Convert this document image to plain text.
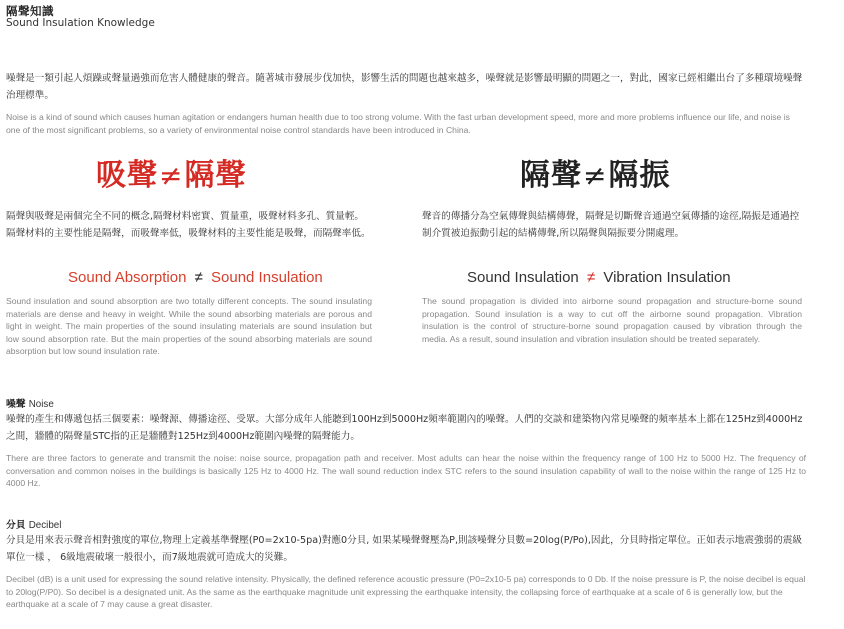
隔聲知識
Sound Insulation Knowledge
噪聲是一類引起人煩躁或聲量過強而危害人體健康的聲音。隨著城市發展步伐加快，影響生活的問題也越來越多，噪聲就是影響最明顯的問題之一，對此，國家已經相繼出台了多種環境噪聲治理標準。
Noise is a kind of sound which causes human agitation or endangers human health due to too strong volume. With the fast urban development speed, more and more problems influence our life, and noise is one of the most significant problems, so a variety of environmental noise control standards have been introduced in China.
吸聲≠隔聲
隔聲與吸聲是兩個完全不同的概念,隔聲材料密實、質量重，吸聲材料多孔、質量輕。隔聲材料的主要性能是隔聲，而吸聲率低，吸聲材料的主要性能是吸聲，而隔聲率低。
Sound Absorption ≠ Sound Insulation
Sound insulation and sound absorption are two totally different concepts. The sound insulating materials are dense and heavy in weight. While the sound absorbing materials are porous and light in weight. The main properties of the sound insulating materials are sound insulation but low sound absorption rate. But the main properties of the sound absorbing materials are sound absorption but low sound insulation rate.
隔聲≠隔振
聲音的傳播分為空氣傳聲與結構傳聲，隔聲是切斷聲音通過空氣傳播的途徑,隔振是通過控制介質被迫振動引起的結構傳聲,所以隔聲與隔振要分開處理。
Sound Insulation ≠ Vibration Insulation
The sound propagation is divided into airborne sound propagation and structure-borne sound propagation. Sound insulation is a way to cut off the airborne sound propagation. Vibration insulation is the control of structure-borne sound propagation caused by vibration through the media. As a result, sound insulation and vibration insulation should be treated separately.
噪聲 Noise
噪聲的產生和傳遞包括三個要素：噪聲源、傳播途徑、受眾。大部分成年人能聽到100Hz到5000Hz頻率範圍內的噪聲。人們的交談和建築物內常見噪聲的頻率基本上都在125Hz到4000Hz之間，牆體的隔聲量STC指的正是牆體對125Hz到4000Hz範圍內噪聲的隔聲能力。
There are three factors to generate and transmit the noise: noise source, propagation path and receiver. Most adults can hear the noise within the frequency range of 100 Hz to 5000 Hz. The frequency of conversation and common noises in the buildings is basically 125 Hz to 4000 Hz. The wall sound reduction index STC refers to the sound insulation capability of wall to the noise within the range of 125 Hz to 4000 Hz.
分貝 Decibel
分貝是用來表示聲音相對強度的單位,物理上定義基準聲壓(P0=2x10-5pa)對應0分貝, 如果某噪聲聲壓為P,則該噪聲分貝數=20log(P/Po),因此，分貝時指定單位。正如表示地震強弱的震級單位一樣 ， 6級地震破壞一般很小，而7級地震就可造成大的災難。
Decibel (dB) is a unit used for expressing the sound relative intensity. Physically, the defined reference acoustic pressure (P0=2x10-5 pa) corresponds to 0 Db. If the noise pressure is P, the noise decibel is equal to 20log(P/P0). So decibel is a designated unit. As the same as the earthquake magnitude unit expressing the earthquake intensity, the collapsing force of earthquake at a scale of 6 is generally low, but the earthquake at a scale of 7 may cause a great disaster.
